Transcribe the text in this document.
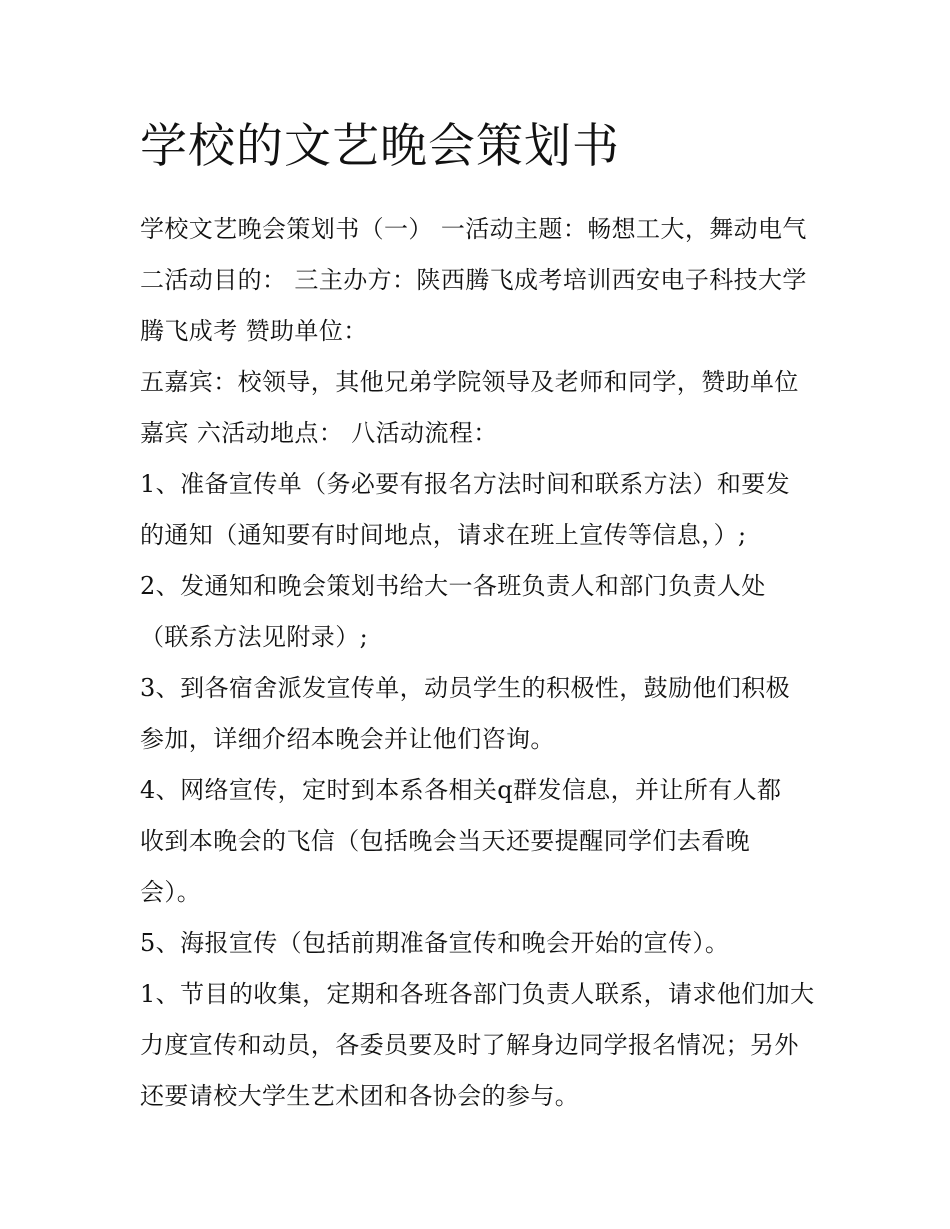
学校的文艺晚会策划书

学校文艺晚会策划书（一） 一活动主题：畅想工大，舞动电气 二活动目的： 三主办方：陕西腾飞成考培训西安电子科技大学腾飞成考 赞助单位：

五嘉宾：校领导，其他兄弟学院领导及老师和同学，赞助单位嘉宾 六活动地点： 八活动流程：

1、准备宣传单（务必要有报名方法时间和联系方法）和要发的通知（通知要有时间地点，请求在班上宣传等信息，）;

2、发通知和晚会策划书给大一各班负责人和部门负责人处（联系方法见附录）;

3、到各宿舍派发宣传单，动员学生的积极性，鼓励他们积极参加，详细介绍本晚会并让他们咨询。

4、网络宣传，定时到本系各相关q群发信息，并让所有人都收到本晚会的飞信（包括晚会当天还要提醒同学们去看晚会）。

5、海报宣传（包括前期准备宣传和晚会开始的宣传）。

1、节目的收集，定期和各班各部门负责人联系，请求他们加大力度宣传和动员，各委员要及时了解身边同学报名情况；另外还要请校大学生艺术团和各协会的参与。
